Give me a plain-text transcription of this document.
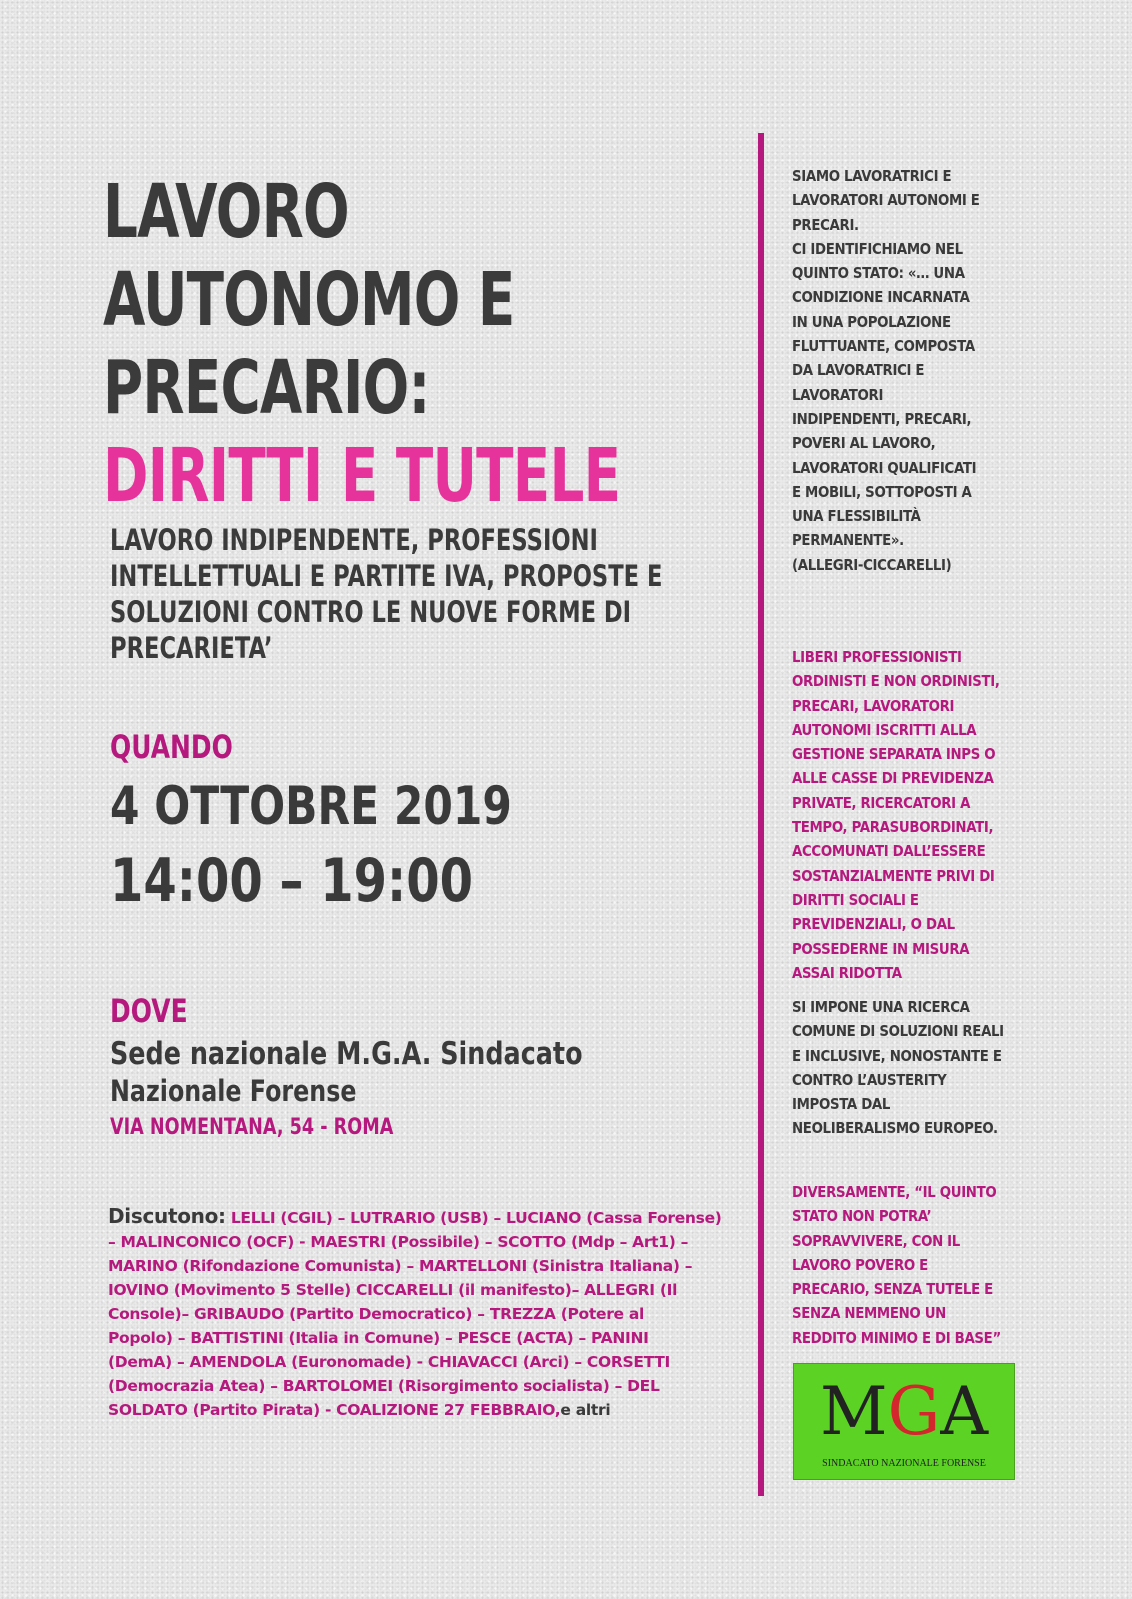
LAVORO
AUTONOMO E
PRECARIO:
DIRITTI E TUTELE
LAVORO INDIPENDENTE, PROFESSIONI
INTELLETTUALI E PARTITE IVA, PROPOSTE E
SOLUZIONI CONTRO LE NUOVE FORME DI
PRECARIETA’
QUANDO
4 OTTOBRE 2019
14:00 – 19:00
DOVE
Sede nazionale M.G.A. Sindacato
Nazionale Forense
VIA NOMENTANA, 54 - ROMA
Discutono: LELLI (CGIL) – LUTRARIO (USB) – LUCIANO (Cassa Forense)
– MALINCONICO (OCF) - MAESTRI (Possibile) – SCOTTO (Mdp – Art1) –
MARINO (Rifondazione Comunista) – MARTELLONI (Sinistra Italiana) –
IOVINO (Movimento 5 Stelle) CICCARELLI (il manifesto)– ALLEGRI (Il
Console)– GRIBAUDO (Partito Democratico) – TREZZA (Potere al
Popolo) – BATTISTINI (Italia in Comune) – PESCE (ACTA) – PANINI
(DemA) – AMENDOLA (Euronomade) - CHIAVACCI (Arci) – CORSETTI
(Democrazia Atea) – BARTOLOMEI (Risorgimento socialista) – DEL
SOLDATO (Partito Pirata) - COALIZIONE 27 FEBBRAIO, e altri
SIAMO LAVORATRICI E
LAVORATORI AUTONOMI E
PRECARI.
CI IDENTIFICHIAMO NEL
QUINTO STATO: «… UNA
CONDIZIONE INCARNATA
IN UNA POPOLAZIONE
FLUTTUANTE, COMPOSTA
DA LAVORATRICI E
LAVORATORI
INDIPENDENTI, PRECARI,
POVERI AL LAVORO,
LAVORATORI QUALIFICATI
E MOBILI, SOTTOPOSTI A
UNA FLESSIBILITÀ
PERMANENTE».
(ALLEGRI-CICCARELLI)
LIBERI PROFESSIONISTI
ORDINISTI E NON ORDINISTI,
PRECARI, LAVORATORI
AUTONOMI ISCRITTI ALLA
GESTIONE SEPARATA INPS O
ALLE CASSE DI PREVIDENZA
PRIVATE, RICERCATORI A
TEMPO, PARASUBORDINATI,
ACCOMUNATI DALL’ESSERE
SOSTANZIALMENTE PRIVI DI
DIRITTI SOCIALI E
PREVIDENZIALI, O DAL
POSSEDERNE IN MISURA
ASSAI RIDOTTA
SI IMPONE UNA RICERCA
COMUNE DI SOLUZIONI REALI
E INCLUSIVE, NONOSTANTE E
CONTRO L’AUSTERITY
IMPOSTA DAL
NEOLIBERALISMO EUROPEO.
DIVERSAMENTE, “IL QUINTO
STATO NON POTRA’
SOPRAVVIVERE, CON IL
LAVORO POVERO E
PRECARIO, SENZA TUTELE E
SENZA NEMMENO UN
REDDITO MINIMO E DI BASE”
MGA
SINDACATO NAZIONALE FORENSE
